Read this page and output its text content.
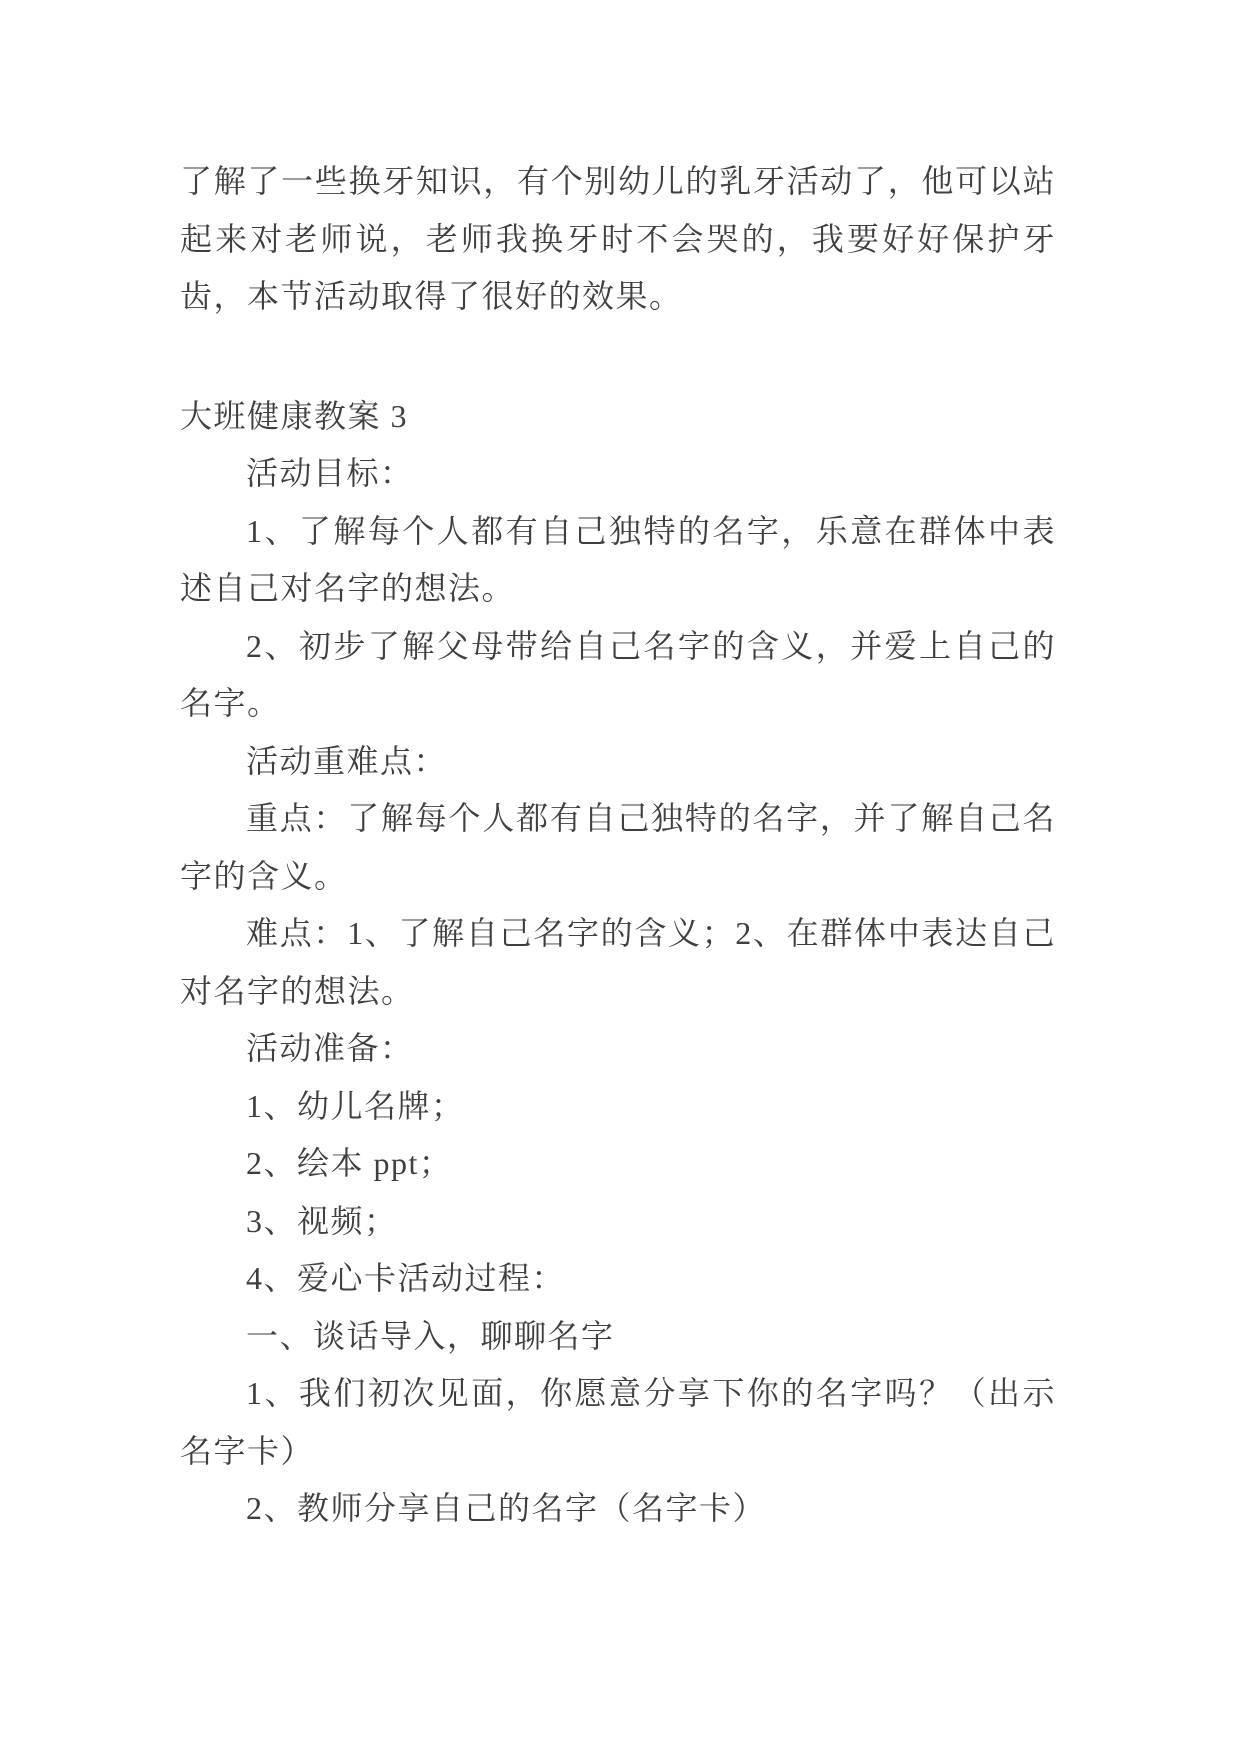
了解了一些换牙知识，有个别幼儿的乳牙活动了，他可以站起来对老师说，老师我换牙时不会哭的，我要好好保护牙齿，本节活动取得了很好的效果。

大班健康教案 3

活动目标：

1、了解每个人都有自己独特的名字，乐意在群体中表述自己对名字的想法。

2、初步了解父母带给自己名字的含义，并爱上自己的名字。

活动重难点：

重点：了解每个人都有自己独特的名字，并了解自己名字的含义。

难点：1、了解自己名字的含义；2、在群体中表达自己对名字的想法。

活动准备：

1、幼儿名牌；

2、绘本 ppt；

3、视频；

4、爱心卡活动过程：

一、谈话导入，聊聊名字

1、我们初次见面，你愿意分享下你的名字吗？（出示名字卡）

2、教师分享自己的名字（名字卡）
